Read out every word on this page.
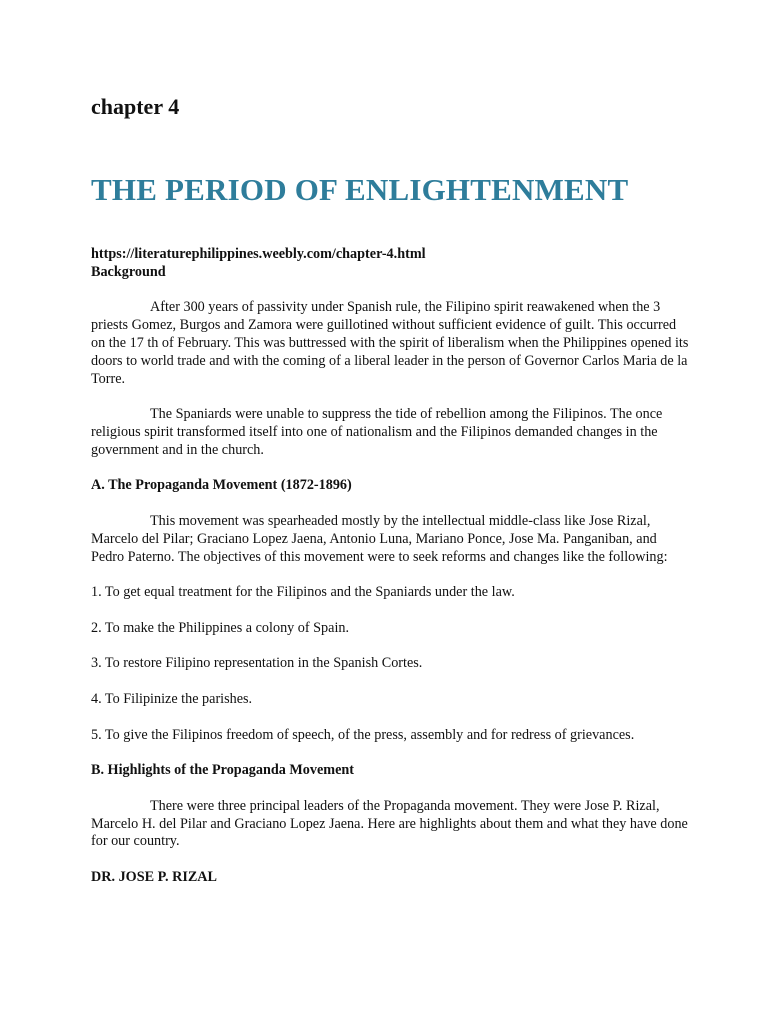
chapter 4
THE PERIOD OF ENLIGHTENMENT

https://literaturephilippines.weebly.com/chapter-4.html

Background

After 300 years of passivity under Spanish rule, the Filipino spirit reawakened when the 3 priests Gomez, Burgos and Zamora were guillotined without sufficient evidence of guilt. This occurred on the 17 th of February. This was buttressed with the spirit of liberalism when the Philippines opened its doors to world trade and with the coming of a liberal leader in the person of Governor Carlos Maria de la Torre.

The Spaniards were unable to suppress the tide of rebellion among the Filipinos. The once religious spirit transformed itself into one of nationalism and the Filipinos demanded changes in the government and in the church.

A. The Propaganda Movement (1872-1896)

This movement was spearheaded mostly by the intellectual middle-class like Jose Rizal, Marcelo del Pilar; Graciano Lopez Jaena, Antonio Luna, Mariano Ponce, Jose Ma. Panganiban, and Pedro Paterno. The objectives of this movement were to seek reforms and changes like the following:

1. To get equal treatment for the Filipinos and the Spaniards under the law.

2. To make the Philippines a colony of Spain.

3. To restore Filipino representation in the Spanish Cortes.

4. To Filipinize the parishes.

5. To give the Filipinos freedom of speech, of the press, assembly and for redress of grievances.

B. Highlights of the Propaganda Movement

There were three principal leaders of the Propaganda movement. They were Jose P. Rizal, Marcelo H. del Pilar and Graciano Lopez Jaena. Here are highlights about them and what they have done for our country.

DR. JOSE P. RIZAL
